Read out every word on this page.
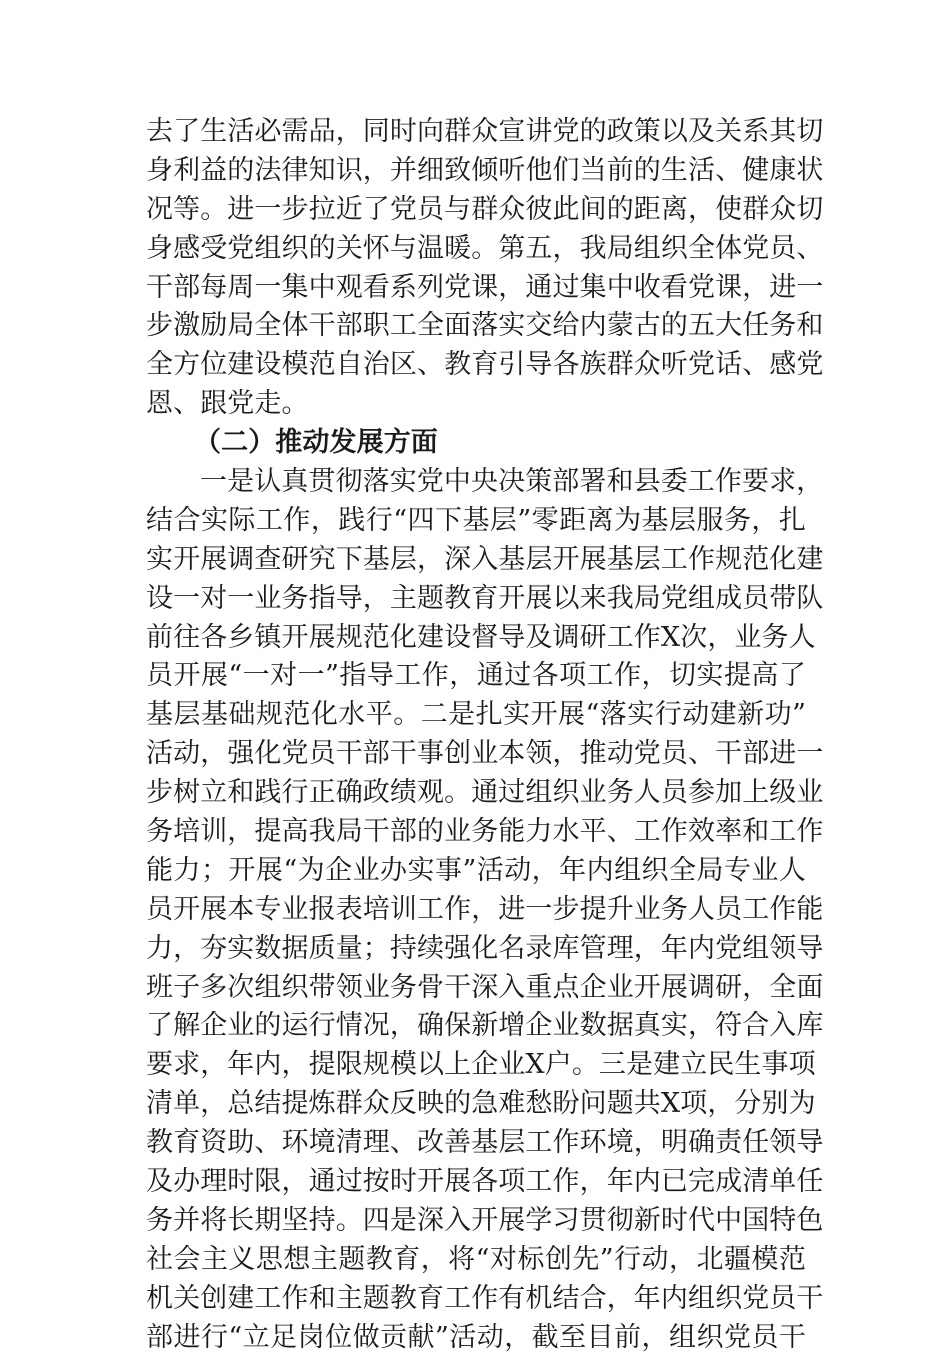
去了生活必需品，同时向群众宣讲党的政策以及关系其切
身利益的法律知识，并细致倾听他们当前的生活、健康状
况等。进一步拉近了党员与群众彼此间的距离，使群众切
身感受党组织的关怀与温暖。第五，我局组织全体党员、
干部每周一集中观看系列党课，通过集中收看党课，进一
步激励局全体干部职工全面落实交给内蒙古的五大任务和
全方位建设模范自治区、教育引导各族群众听党话、感党
恩、跟党走。
（二）推动发展方面
一是认真贯彻落实党中央决策部署和县委工作要求，
结合实际工作，践行“四下基层”零距离为基层服务，扎
实开展调查研究下基层，深入基层开展基层工作规范化建
设一对一业务指导，主题教育开展以来我局党组成员带队
前往各乡镇开展规范化建设督导及调研工作X次，业务人
员开展“一对一”指导工作，通过各项工作，切实提高了
基层基础规范化水平。二是扎实开展“落实行动建新功”
活动，强化党员干部干事创业本领，推动党员、干部进一
步树立和践行正确政绩观。通过组织业务人员参加上级业
务培训，提高我局干部的业务能力水平、工作效率和工作
能力；开展“为企业办实事”活动，年内组织全局专业人
员开展本专业报表培训工作，进一步提升业务人员工作能
力，夯实数据质量；持续强化名录库管理，年内党组领导
班子多次组织带领业务骨干深入重点企业开展调研，全面
了解企业的运行情况，确保新增企业数据真实，符合入库
要求，年内，提限规模以上企业X户。三是建立民生事项
清单，总结提炼群众反映的急难愁盼问题共X项，分别为
教育资助、环境清理、改善基层工作环境，明确责任领导
及办理时限，通过按时开展各项工作，年内已完成清单任
务并将长期坚持。四是深入开展学习贯彻新时代中国特色
社会主义思想主题教育，将“对标创先”行动，北疆模范
机关创建工作和主题教育工作有机结合，年内组织党员干
部进行“立足岗位做贡献”活动，截至目前，组织党员干
